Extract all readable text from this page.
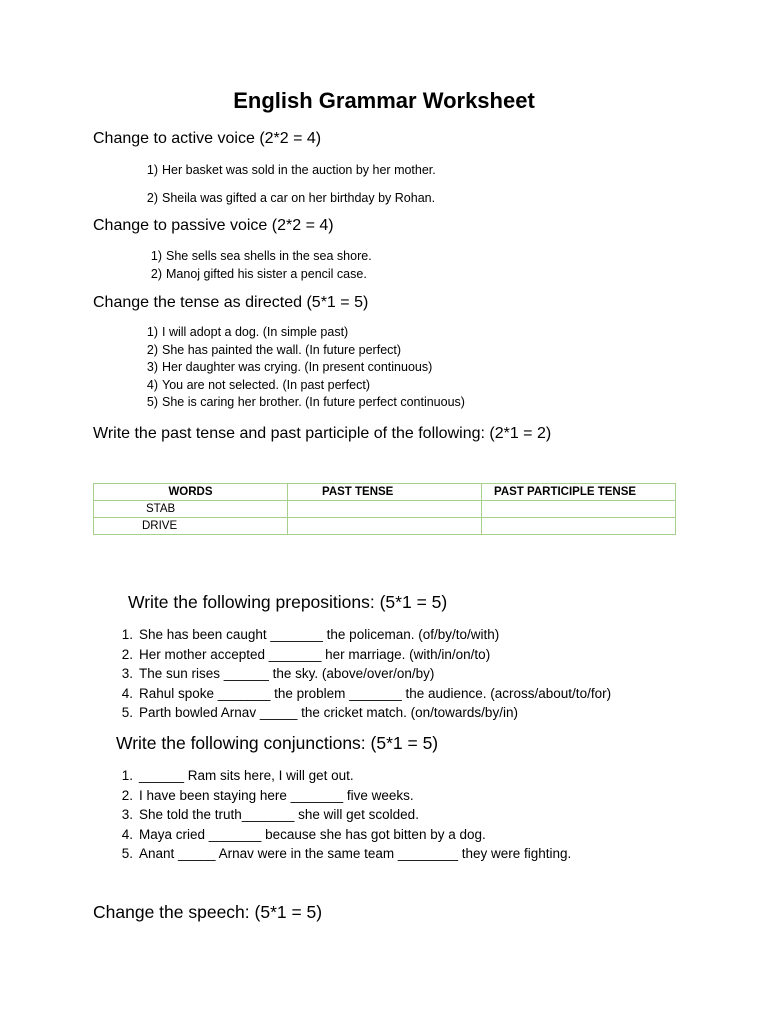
English Grammar Worksheet

Change to active voice (2*2 = 4)

1) Her basket was sold in the auction by her mother.
2) Sheila was gifted a car on her birthday by Rohan.

Change to passive voice (2*2 = 4)

1) She sells sea shells in the sea shore.
2) Manoj gifted his sister a pencil case.

Change the tense as directed (5*1 = 5)

1) I will adopt a dog. (In simple past)
2) She has painted the wall. (In future perfect)
3) Her daughter was crying. (In present continuous)
4) You are not selected. (In past perfect)
5) She is caring her brother. (In future perfect continuous)

Write the past tense and past participle of the following: (2*1 = 2)

WORDS	PAST TENSE	PAST PARTICIPLE TENSE
STAB		
DRIVE		

Write the following prepositions: (5*1 = 5)

1. She has been caught _______ the policeman. (of/by/to/with)
2. Her mother accepted _______ her marriage. (with/in/on/to)
3. The sun rises ______ the sky. (above/over/on/by)
4. Rahul spoke _______ the problem _______ the audience. (across/about/to/for)
5. Parth bowled Arnav _____ the cricket match. (on/towards/by/in)

Write the following conjunctions: (5*1 = 5)

1. ______ Ram sits here, I will get out.
2. I have been staying here _______ five weeks.
3. She told the truth_______ she will get scolded.
4. Maya cried _______ because she has got bitten by a dog.
5. Anant _____ Arnav were in the same team ________ they were fighting.

Change the speech: (5*1 = 5)
